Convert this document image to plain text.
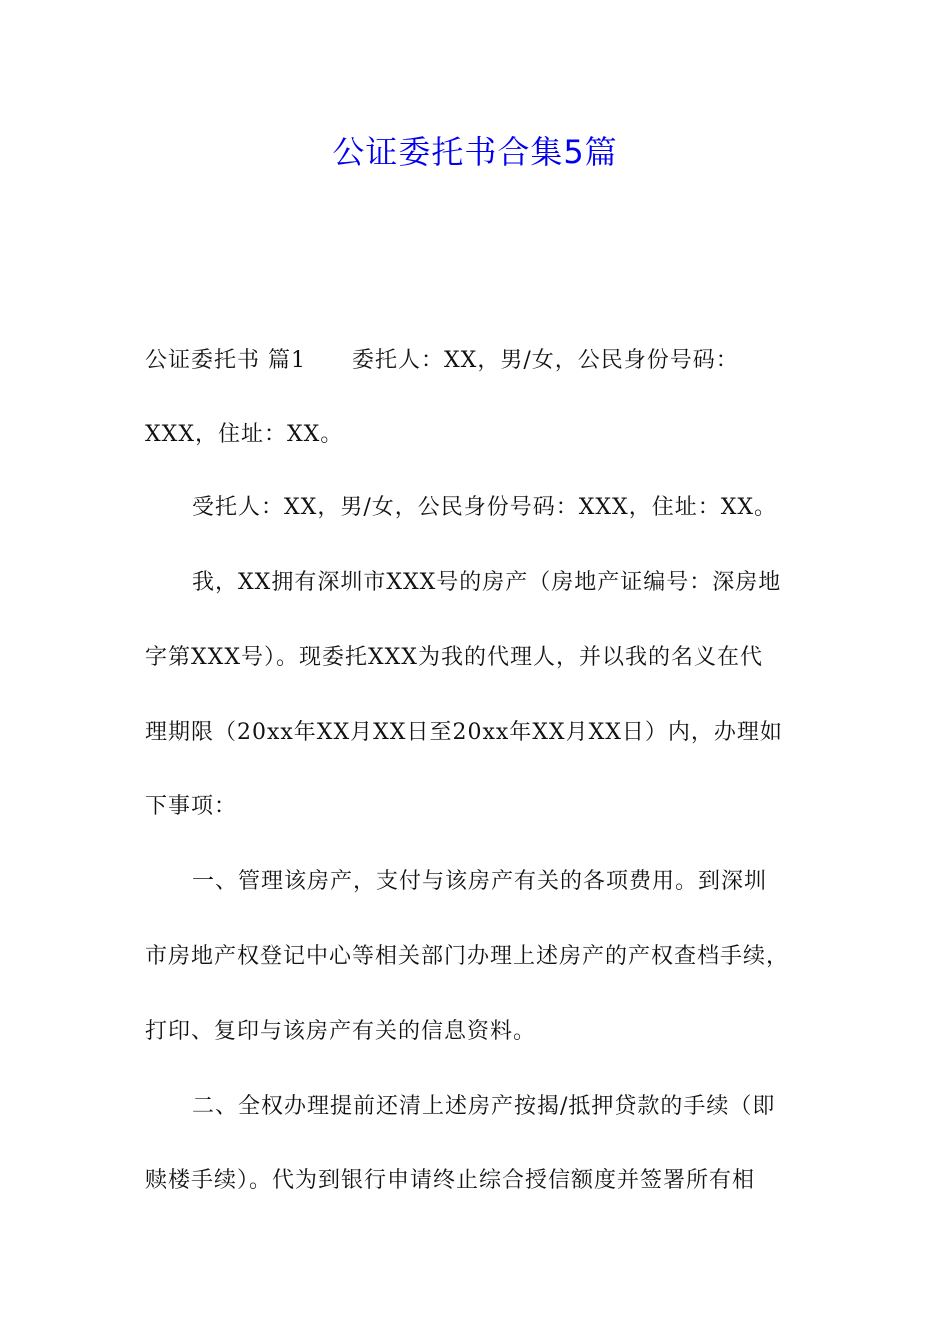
公证委托书合集5篇
公证委托书 篇1　　委托人：XX，男/女，公民身份号码：
XXX，住址：XX。
受托人：XX，男/女，公民身份号码：XXX，住址：XX。
我，XX拥有深圳市XXX号的房产（房地产证编号：深房地
字第XXX号）。现委托XXX为我的代理人，并以我的名义在代
理期限（20xx年XX月XX日至20xx年XX月XX日）内，办理如
下事项：
一、管理该房产，支付与该房产有关的各项费用。到深圳
市房地产权登记中心等相关部门办理上述房产的产权查档手续，
打印、复印与该房产有关的信息资料。
二、全权办理提前还清上述房产按揭/抵押贷款的手续（即
赎楼手续）。代为到银行申请终止综合授信额度并签署所有相
